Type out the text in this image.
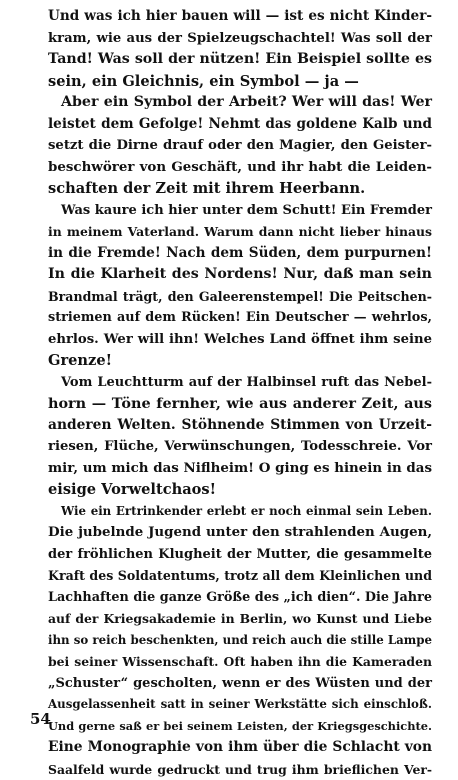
Und was ich hier bauen will — ist es nicht Kinder-
kram, wie aus der Spielzeugschachtel! Was soll der
Tand! Was soll der nützen! Ein Beispiel sollte es
sein, ein Gleichnis, ein Symbol — ja —
Aber ein Symbol der Arbeit? Wer will das! Wer
leistet dem Gefolge! Nehmt das goldene Kalb und
setzt die Dirne drauf oder den Magier, den Geister-
beschwörer von Geschäft, und ihr habt die Leiden-
schaften der Zeit mit ihrem Heerbann.
Was kaure ich hier unter dem Schutt! Ein Fremder
in meinem Vaterland. Warum dann nicht lieber hinaus
in die Fremde! Nach dem Süden, dem purpurnen!
In die Klarheit des Nordens! Nur, daß man sein
Brandmal trägt, den Galeerenstempel! Die Peitschen-
striemen auf dem Rücken! Ein Deutscher — wehrlos,
ehrlos. Wer will ihn! Welches Land öffnet ihm seine
Grenze!
Vom Leuchtturm auf der Halbinsel ruft das Nebel-
horn — Töne fernher, wie aus anderer Zeit, aus
anderen Welten. Stöhnende Stimmen von Urzeit-
riesen, Flüche, Verwünschungen, Todesschreie. Vor
mir, um mich das Niflheim! O ging es hinein in das
eisige Vorweltchaos!
Wie ein Ertrinkender erlebt er noch einmal sein Leben.
Die jubelnde Jugend unter den strahlenden Augen,
der fröhlichen Klugheit der Mutter, die gesammelte
Kraft des Soldatentums, trotz all dem Kleinlichen und
Lachhaften die ganze Größe des „ich dien“. Die Jahre
auf der Kriegsakademie in Berlin, wo Kunst und Liebe
ihn so reich beschenkten, und reich auch die stille Lampe
bei seiner Wissenschaft. Oft haben ihn die Kameraden
„Schuster“ gescholten, wenn er des Wüsten und der
Ausgelassenheit satt in seiner Werkstätte sich einschloß.
Und gerne saß er bei seinem Leisten, der Kriegsgeschichte.
Eine Monographie von ihm über die Schlacht von
Saalfeld wurde gedruckt und trug ihm brieflichen Ver-
54
